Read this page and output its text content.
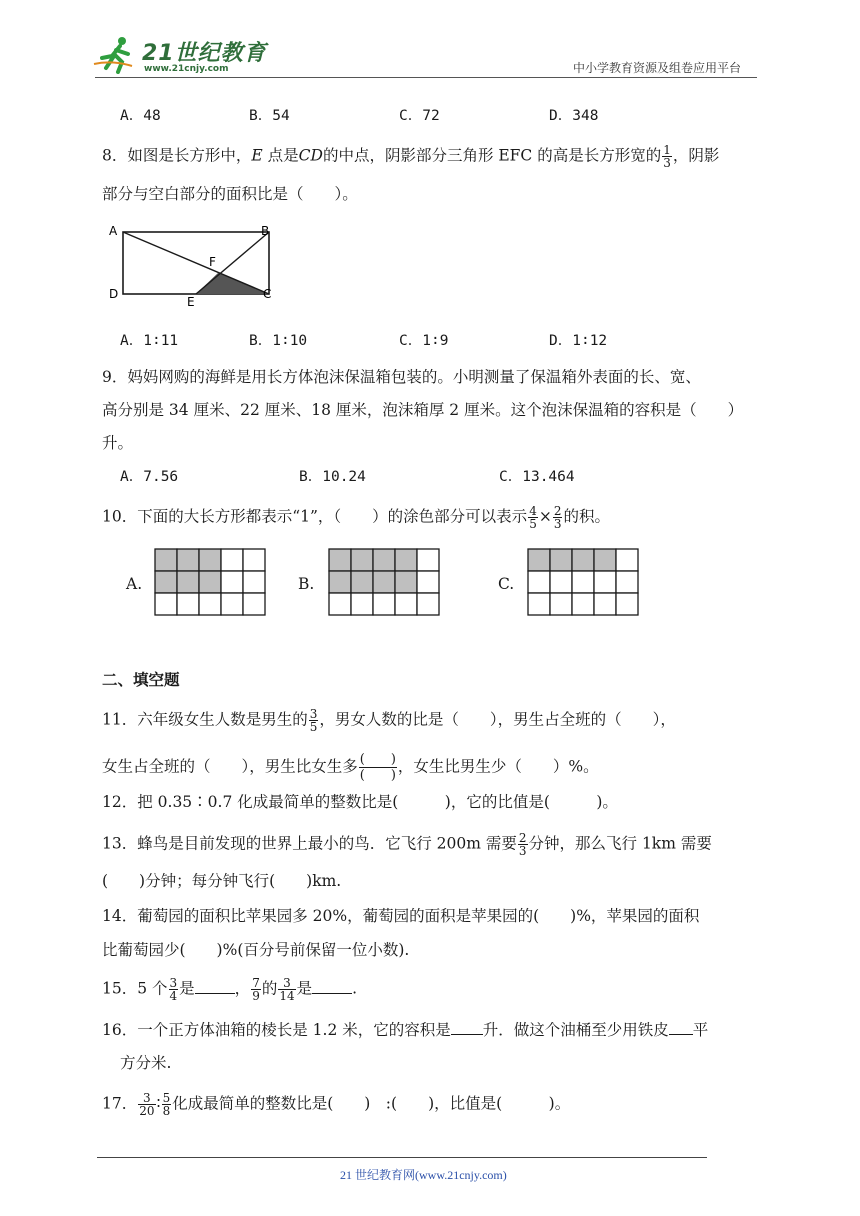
21世纪教育
www.21cnjy.com	中小学教育资源及组卷应用平台
A．48	B．54	C．72	D．348
8．如图是长方形中，E 点是CD的中点，阴影部分三角形 EFC 的高是长方形宽的 $\frac{1}{3}$ ，阴影
部分与空白部分的面积比是（　　）。
A	B
D	C
E
F
A．1∶11	B．1∶10	C．1∶9	D．1∶12
9．妈妈网购的海鲜是用长方体泡沫保温箱包装的。小明测量了保温箱外表面的长、宽、
高分别是 34 厘米、22 厘米、18 厘米，泡沫箱厚 2 厘米。这个泡沫保温箱的容积是（　　）
升。
A．7.56	B．10.24	C．13.464
10．下面的大长方形都表示“1”，（　　）的涂色部分可以表示 $\frac{4}{5} \times \frac{2}{3}$ 的积。
A.	B.	C.
二、填空题
11．六年级女生人数是男生的 $\frac{3}{5}$ ，男女人数的比是（　　），男生占全班的（　　），
女生占全班的（　　），男生比女生多 $\frac{( )}{( )}$ ，女生比男生少（　　）%。
12．把 0.35∶0.7 化成最简单的整数比是(　　　)，它的比值是(　　　)。
13．蜂鸟是目前发现的世界上最小的鸟．它飞行 200m 需要 $\frac{2}{3}$ 分钟，那么飞行 1km 需要
(　　)分钟；每分钟飞行(　　)km.
14．葡萄园的面积比苹果园多 20%，葡萄园的面积是苹果园的(　　)%，苹果园的面积
比葡萄园少(　　)%(百分号前保留一位小数).
15．5 个 $\frac{3}{4}$ 是	， $\frac{7}{9}$ 的 $\frac{3}{14}$ 是	.
16．一个正方体油箱的棱长是 1.2 米，它的容积是 升．做这个油桶至少用铁皮 平
方分米.
17． $\frac{3}{20}$ ∶ $\frac{5}{8}$ 化成最简单的整数比是(　　)　:(　　)，比值是(　　　)。
21 世纪教育网(www.21cnjy.com)
